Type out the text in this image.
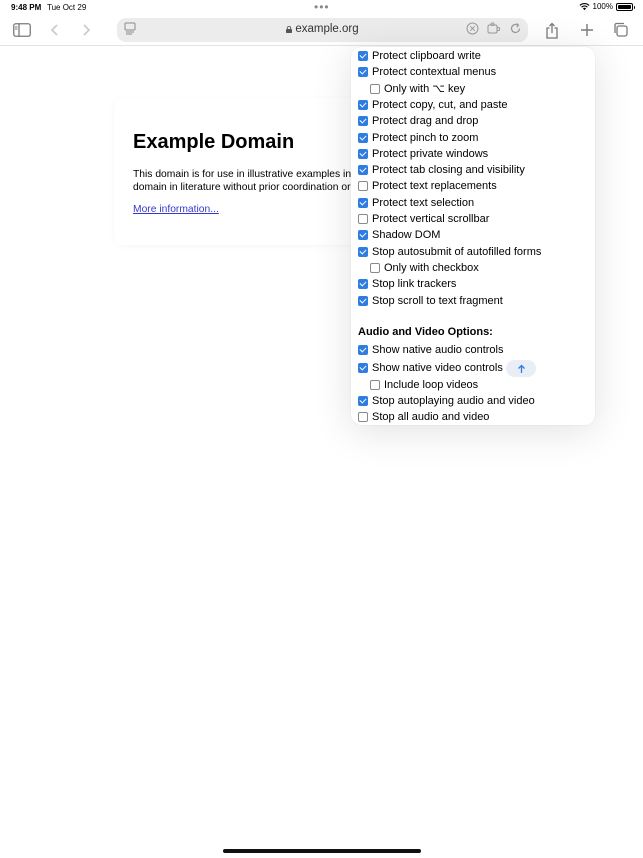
9:48 PM Tue Oct 29	•••	100%
example.org
Example Domain
This domain is for use in illustrative examples in
domain in literature without prior coordination or
More information...
Protect clipboard write
Protect contextual menus
Only with ⌥ key
Protect copy, cut, and paste
Protect drag and drop
Protect pinch to zoom
Protect private windows
Protect tab closing and visibility
Protect text replacements
Protect text selection
Protect vertical scrollbar
Shadow DOM
Stop autosubmit of autofilled forms
Only with checkbox
Stop link trackers
Stop scroll to text fragment
Audio and Video Options:
Show native audio controls
Show native video controls
Include loop videos
Stop autoplaying audio and video
Stop all audio and video
